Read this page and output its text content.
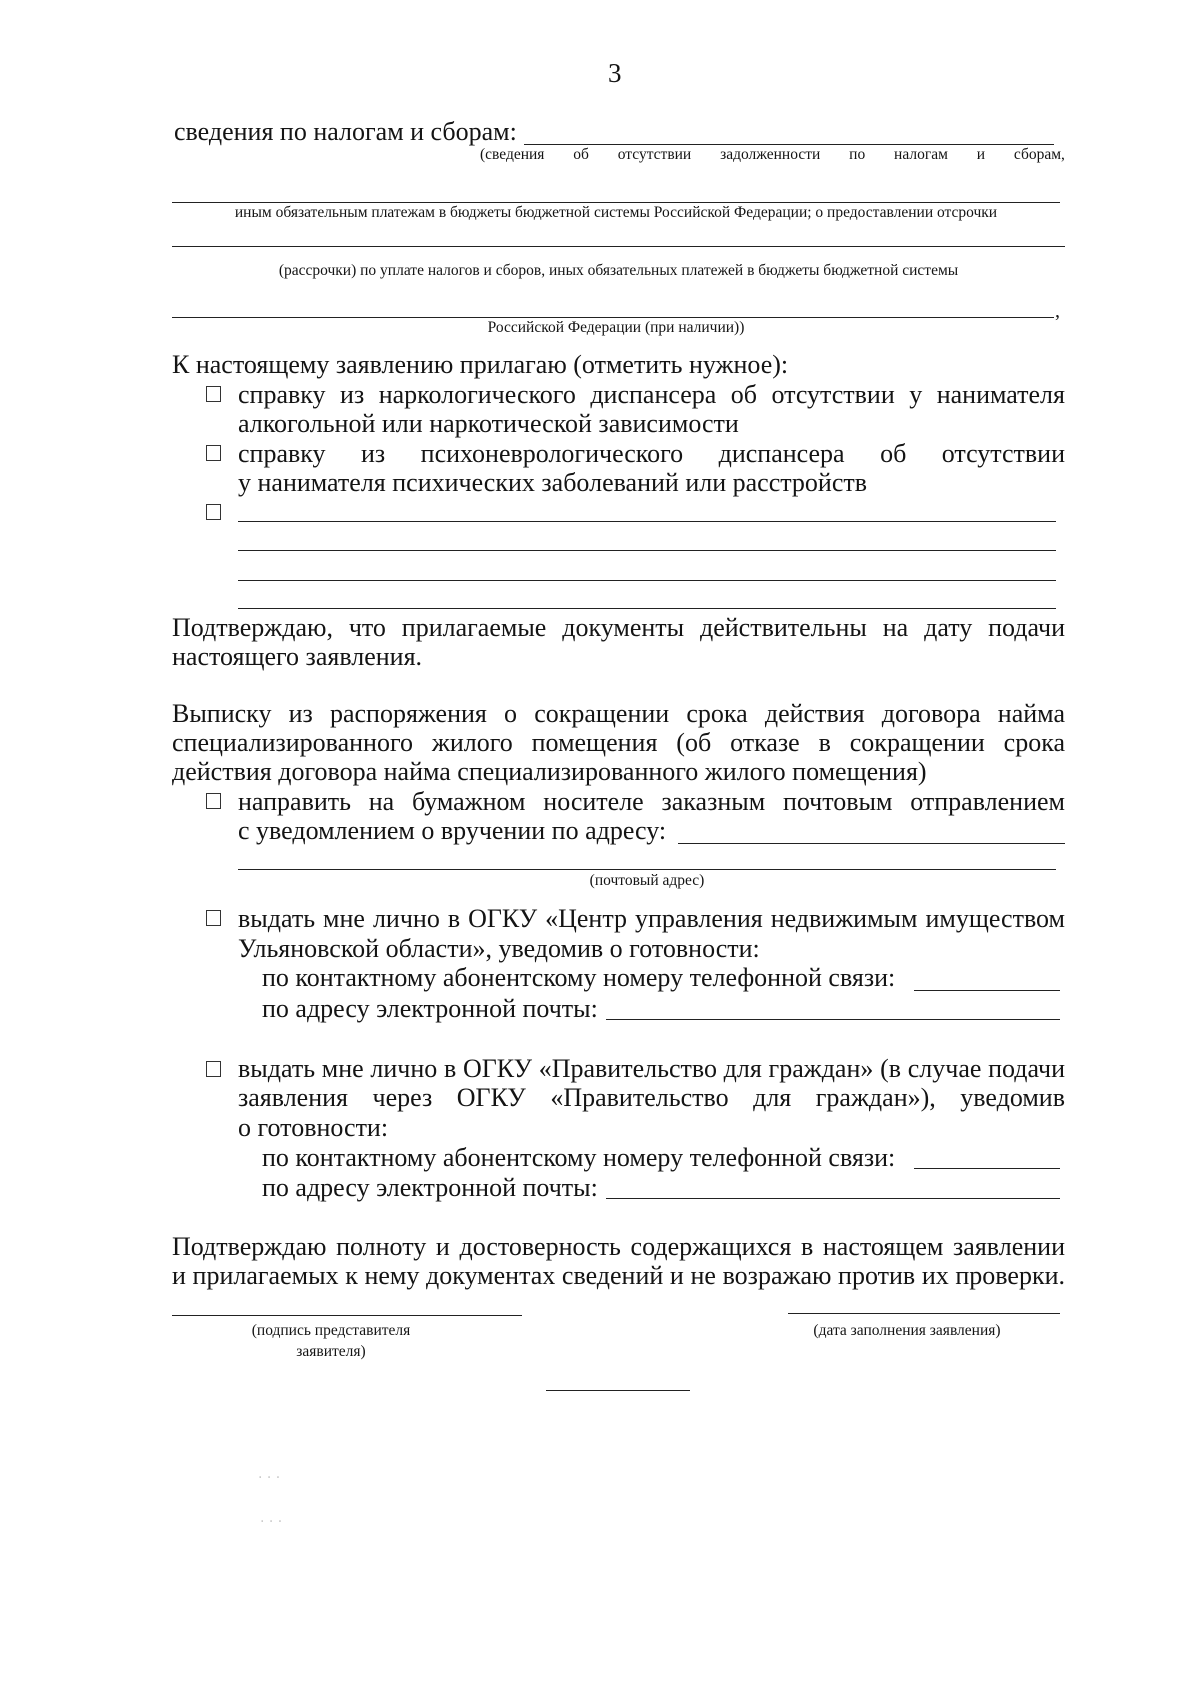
3
сведения по налогам и сборам:
(сведения об отсутствии задолженности по налогам и сборам,
иным обязательным платежам в бюджеты бюджетной системы Российской Федерации; о предоставлении отсрочки
(рассрочки) по уплате налогов и сборов, иных обязательных платежей в бюджеты бюджетной системы
,
Российской Федерации (при наличии))
К настоящему заявлению прилагаю (отметить нужное):
справку из наркологического диспансера об отсутствии у нанимателя
алкогольной или наркотической зависимости
справку из психоневрологического диспансера об отсутствии
у нанимателя психических заболеваний или расстройств
Подтверждаю, что прилагаемые документы действительны на дату подачи
настоящего заявления.
Выписку из распоряжения о сокращении срока действия договора найма
специализированного жилого помещения (об отказе в сокращении срока
действия договора найма специализированного жилого помещения)
направить на бумажном носителе заказным почтовым отправлением
с уведомлением о вручении по адресу:
(почтовый адрес)
выдать мне лично в ОГКУ «Центр управления недвижимым имуществом
Ульяновской области», уведомив о готовности:
по контактному абонентскому номеру телефонной связи:
по адресу электронной почты:
выдать мне лично в ОГКУ «Правительство для граждан» (в случае подачи
заявления через ОГКУ «Правительство для граждан»), уведомив
о готовности:
по контактному абонентскому номеру телефонной связи:
по адресу электронной почты:
Подтверждаю полноту и достоверность содержащихся в настоящем заявлении
и прилагаемых к нему документах сведений и не возражаю против их проверки.
(подпись представителя
заявителя)
(дата заполнения заявления)
. . .
. . .
